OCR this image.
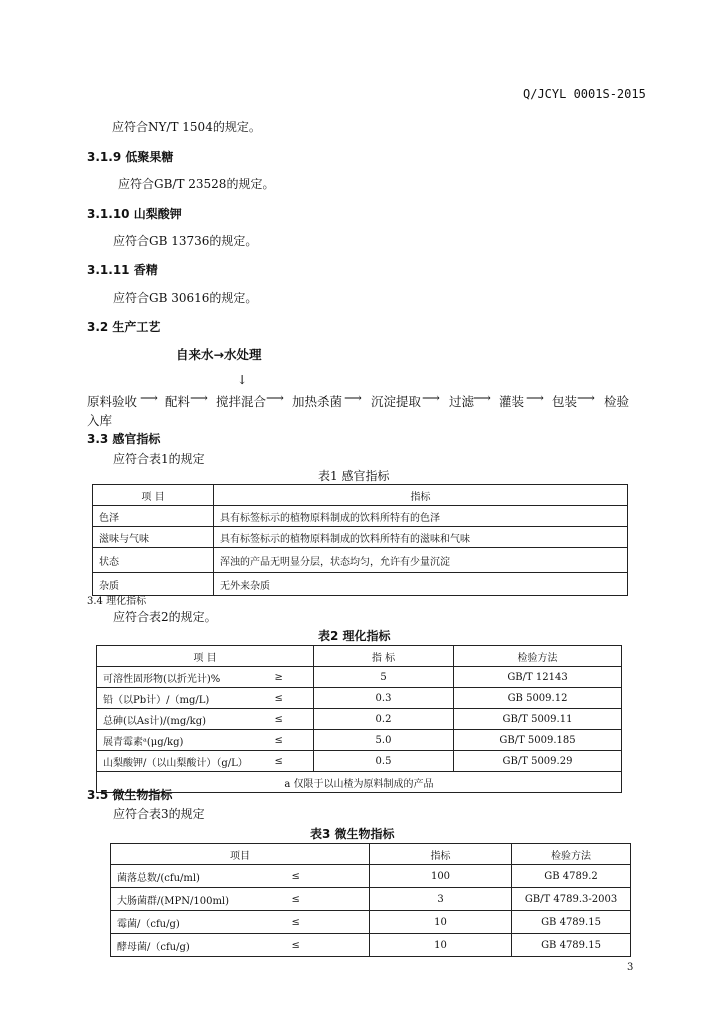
Q/JCYL 0001S-2015
应符合NY/T 1504的规定。
3.1.9 低聚果糖
应符合GB/T 23528的规定。
3.1.10 山梨酸钾
应符合GB 13736的规定。
3.1.11 香精
应符合GB 30616的规定。
3.2 生产工艺
自来水→水处理
↓
原料验收 ⟶ 配料 ⟶ 搅拌混合 ⟶ 加热杀菌 ⟶ 沉淀提取 ⟶ 过滤
⟶ 灌装 ⟶ 包装 ⟶ 检验
入库
3.3 感官指标
应符合表1的规定
表1 感官指标
项 目	指标
色泽	具有标签标示的植物原料制成的饮料所特有的色泽
滋味与气味	具有标签标示的植物原料制成的饮料所特有的滋味和气味
状态	浑浊的产品无明显分层，状态均匀，允许有少量沉淀
杂质	无外来杂质
3.4 理化指标
应符合表2的规定。
表2 理化指标
项 目		指 标	检验方法
可溶性固形物(以折光计)%	≥	5	GB/T 12143
铅（以Pb计）/（mg/L)	≤	0.3	GB 5009.12
总砷(以As计)/(mg/kg)	≤	0.2	GB/T 5009.11
展青霉素ᵃ(μg/kg)	≤	5.0	GB/T 5009.185
山梨酸钾/（以山梨酸计）（g/L）	≤	0.5	GB/T 5009.29
a 仅限于以山楂为原料制成的产品			
3.5 微生物指标
应符合表3的规定
表3 微生物指标
项目		指标	检验方法
菌落总数/(cfu/ml)	≤	100	GB 4789.2
大肠菌群/(MPN/100ml)	≤	3	GB/T 4789.3-2003
霉菌/（cfu/g)	≤	10	GB 4789.15
酵母菌/（cfu/g)	≤	10	GB 4789.15
3
